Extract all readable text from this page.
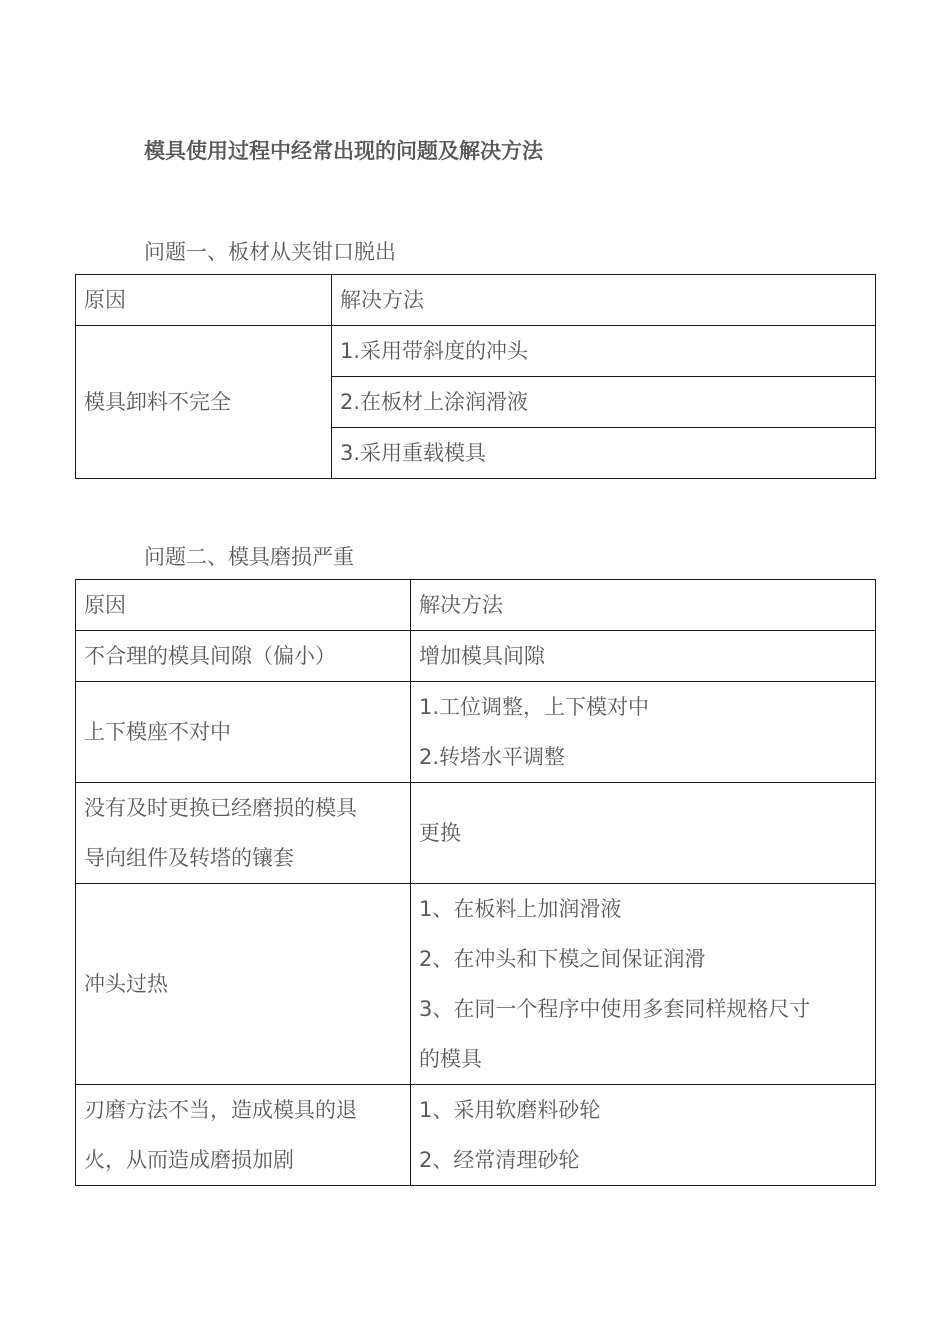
模具使用过程中经常出现的问题及解决方法
问题一、板材从夹钳口脱出
原因	解决方法
模具卸料不完全	1.采用带斜度的冲头
	2.在板材上涂润滑液
	3.采用重载模具
问题二、模具磨损严重
原因	解决方法
不合理的模具间隙（偏小）	增加模具间隙
上下模座不对中	1.工位调整，上下模对中
2.转塔水平调整

没有及时更换已经磨损的模具
导向组件及转塔的镶套	更换
冲头过热	1、在板料上加润滑液
2、在冲头和下模之间保证润滑
3、在同一个程序中使用多套同样规格尺寸
的模具

刃磨方法不当，造成模具的退
火，从而造成磨损加剧	1、采用软磨料砂轮
2、经常清理砂轮
